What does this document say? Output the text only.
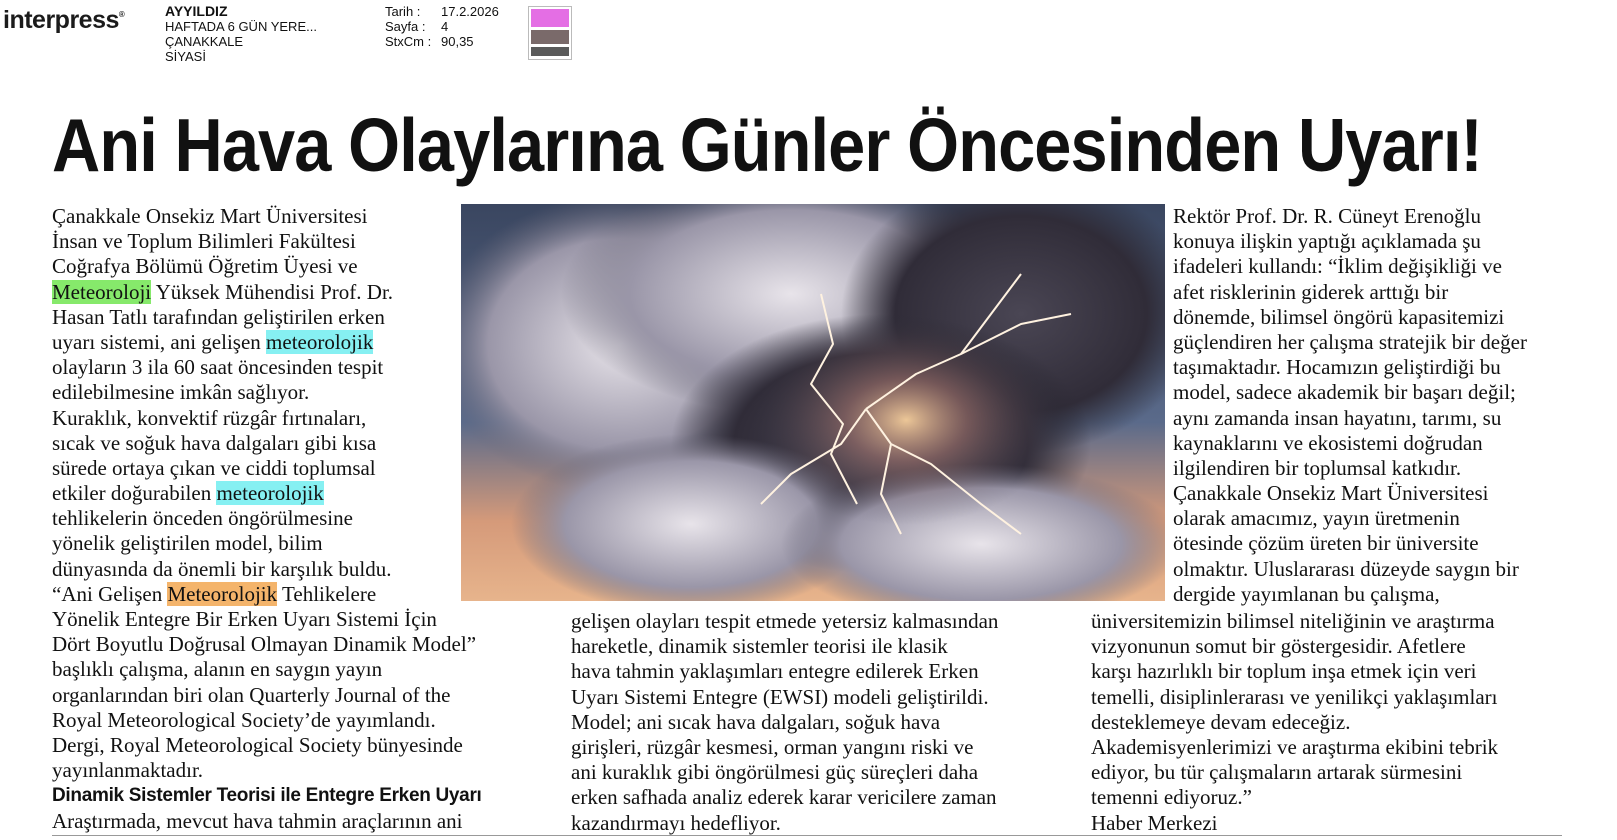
interpress®	AYYILDIZ
HAFTADA 6 GÜN YERE...
ÇANAKKALE
SİYASİ
Tarih :	17.2.2026
Sayfa :	4
StxCm : 90,35
Ani Hava Olaylarına Günler Öncesinden Uyarı!
Çanakkale Onsekiz Mart Üniversitesi
İnsan ve Toplum Bilimleri Fakültesi
Coğrafya Bölümü Öğretim Üyesi ve
Meteoroloji Yüksek Mühendisi Prof. Dr.
Hasan Tatlı tarafından geliştirilen erken
uyarı sistemi, ani gelişen meteorolojik
olayların 3 ila 60 saat öncesinden tespit
edilebilmesine imkân sağlıyor.
Kuraklık, konvektif rüzgâr fırtınaları,
sıcak ve soğuk hava dalgaları gibi kısa
sürede ortaya çıkan ve ciddi toplumsal
etkiler doğurabilen meteorolojik
tehlikelerin önceden öngörülmesine
yönelik geliştirilen model, bilim
dünyasında da önemli bir karşılık buldu.
“Ani Gelişen Meteorolojik Tehlikelere
Yönelik Entegre Bir Erken Uyarı Sistemi İçin
Dört Boyutlu Doğrusal Olmayan Dinamik Model”
başlıklı çalışma, alanın en saygın yayın
organlarından biri olan Quarterly Journal of the
Royal Meteorological Society’de yayımlandı.
Dergi, Royal Meteorological Society bünyesinde
yayınlanmaktadır.
Dinamik Sistemler Teorisi ile Entegre Erken Uyarı
Araştırmada, mevcut hava tahmin araçlarının ani
gelişen olayları tespit etmede yetersiz kalmasından
hareketle, dinamik sistemler teorisi ile klasik
hava tahmin yaklaşımları entegre edilerek Erken
Uyarı Sistemi Entegre (EWSI) modeli geliştirildi.
Model; ani sıcak hava dalgaları, soğuk hava
girişleri, rüzgâr kesmesi, orman yangını riski ve
ani kuraklık gibi öngörülmesi güç süreçleri daha
erken safhada analiz ederek karar vericilere zaman
kazandırmayı hedefliyor.
Rektör Prof. Dr. R. Cüneyt Erenoğlu
konuya ilişkin yaptığı açıklamada şu
ifadeleri kullandı: “İklim değişikliği ve
afet risklerinin giderek arttığı bir
dönemde, bilimsel öngörü kapasitemizi
güçlendiren her çalışma stratejik bir değer
taşımaktadır. Hocamızın geliştirdiği bu
model, sadece akademik bir başarı değil;
aynı zamanda insan hayatını, tarımı, su
kaynaklarını ve ekosistemi doğrudan
ilgilendiren bir toplumsal katkıdır.
Çanakkale Onsekiz Mart Üniversitesi
olarak amacımız, yayın üretmenin
ötesinde çözüm üreten bir üniversite
olmaktır. Uluslararası düzeyde saygın bir
dergide yayımlanan bu çalışma,
üniversitemizin bilimsel niteliğinin ve araştırma
vizyonunun somut bir göstergesidir. Afetlere
karşı hazırlıklı bir toplum inşa etmek için veri
temelli, disiplinlerarası ve yenilikçi yaklaşımları
desteklemeye devam edeceğiz.
Akademisyenlerimizi ve araştırma ekibini tebrik
ediyor, bu tür çalışmaların artarak sürmesini
temenni ediyoruz.”
Haber Merkezi
